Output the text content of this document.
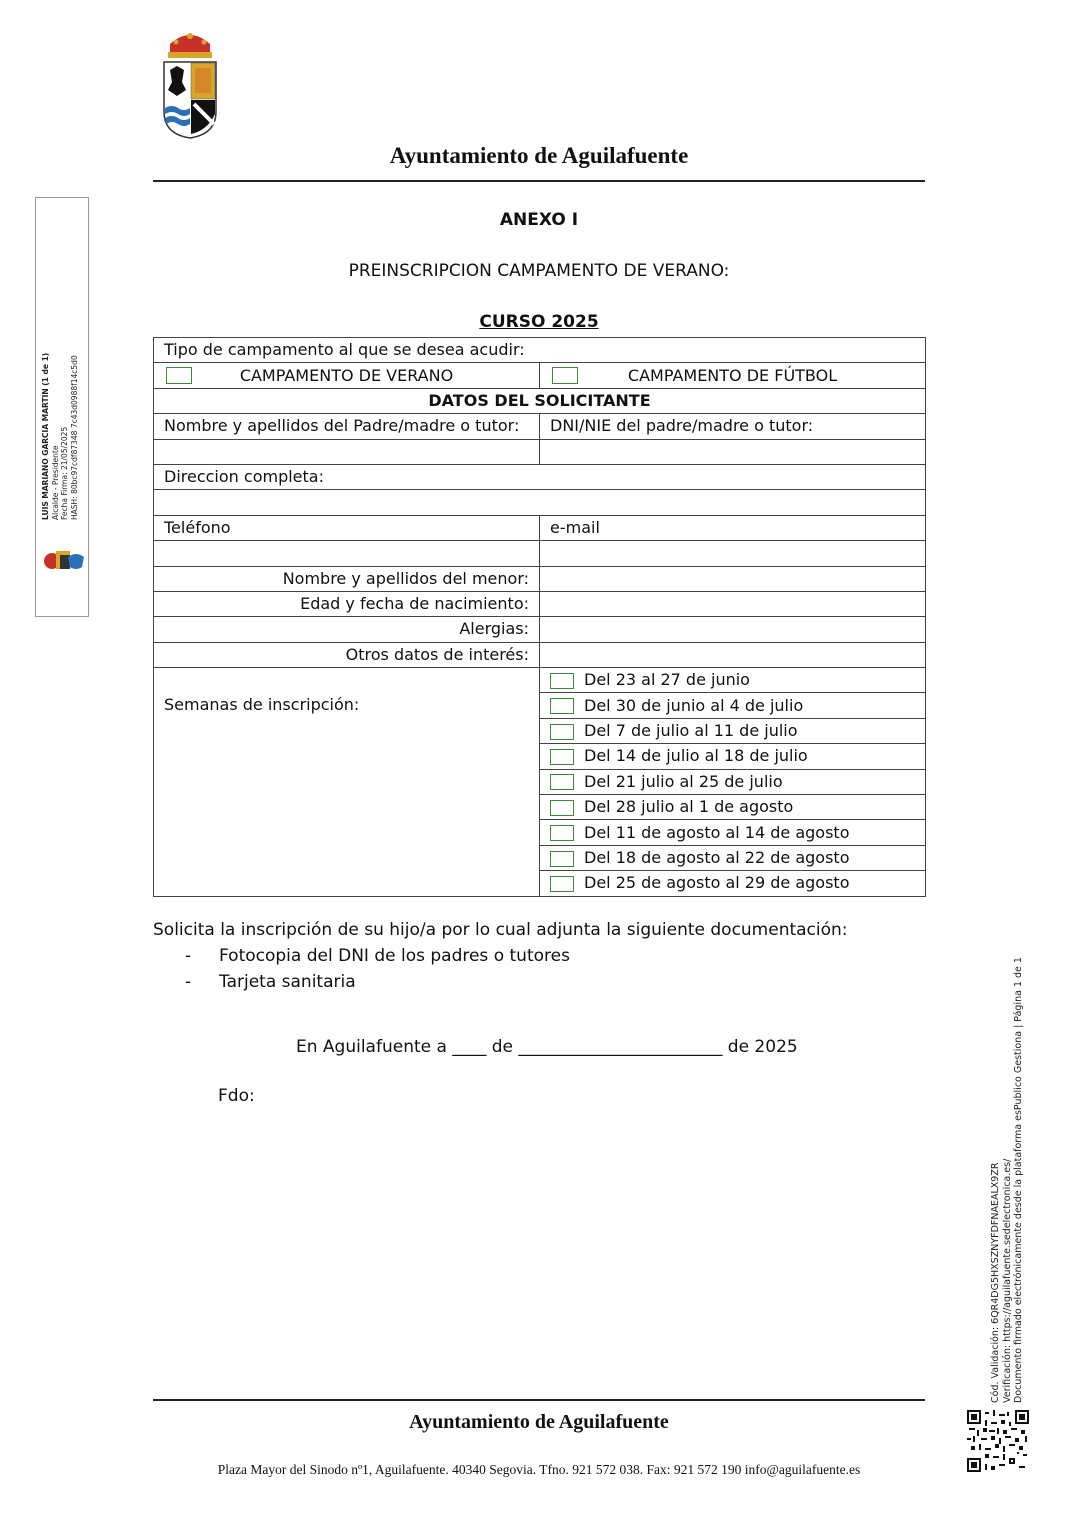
Ayuntamiento de Aguilafuente
ANEXO I
PREINSCRIPCION CAMPAMENTO DE VERANO:
CURSO 2025
Tipo de campamento al que se desea acudir:	

CAMPAMENTO DE VERANO	CAMPAMENTO DE FÚTBOL
DATOS DEL SOLICITANTE	
Nombre y apellidos del Padre/madre o tutor:	DNI/NIE del padre/madre o tutor:

Direccion completa:	

Teléfono	e-mail

Nombre y apellidos del menor:	
Edad y fecha de nacimiento:	
Alergias:	
Otros datos de interés:	
Semanas de inscripción:	Del 23 al 27 de junio
	Del 30 de junio al 4 de julio
	Del 7 de julio al 11 de julio
	Del 14 de julio al 18 de julio
	Del 21 julio al 25 de julio
	Del 28 julio al 1 de agosto
	Del 11 de agosto al 14 de agosto
	Del 18 de agosto al 22 de agosto
	Del 25 de agosto al 29 de agosto
Solicita la inscripción de su hijo/a por lo cual adjunta la siguiente documentación:
- Fotocopia del DNI de los padres o tutores
- Tarjeta sanitaria
En Aguilafuente a ____ de ________________________ de 2025
Fdo:
Ayuntamiento de Aguilafuente
Plaza Mayor del Sinodo nº1, Aguilafuente. 40340 Segovia. Tfno. 921 572 038. Fax: 921 572 190 info@aguilafuente.es
LUIS MARIANO GARCIA MARTIN (1 de 1) Alcalde - Presidente Fecha Firma: 21/05/2025 HASH: 80bc97cdf87348 7c43d0988f14c5d0
Cód. Validación: 6QR4DG5HXSZNYFDFNAEALX9ZR Verificación: https://aguilafuente.sedelectronica.es/ Documento firmado electrónicamente desde la plataforma esPublico Gestiona | Página 1 de 1
